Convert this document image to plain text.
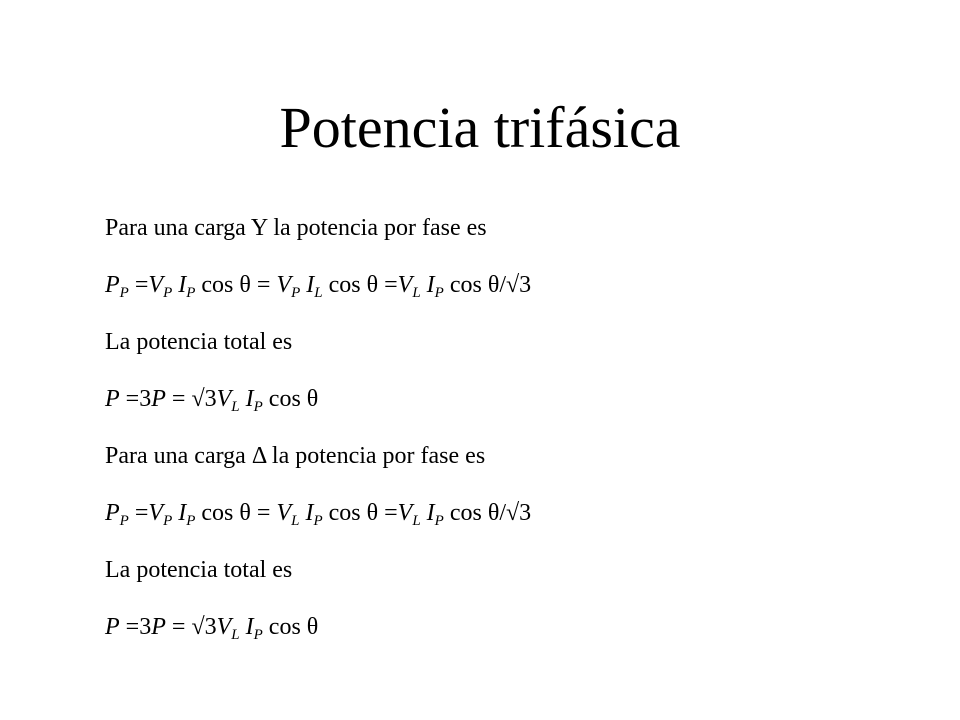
Potencia trifásica
Para una carga Y la potencia por fase es
$P_P =V_P$ $I_P$ $\cos \theta = V_P$ $I_L$ $\cos \theta =V_L$ $I_P$ cos θ/√3
La potencia total es
$P =3P = √3V_L$ $I_P$ cos θ
Para una carga Δ la potencia por fase es
$P_P =V_P$ $I_P$ $\cos \theta = V_L$ $I_P$ $\cos \theta =V_L$ $I_P$ cos θ/√3
La potencia total es
$P =3P = √3V_L$ $I_P$ cos θ
